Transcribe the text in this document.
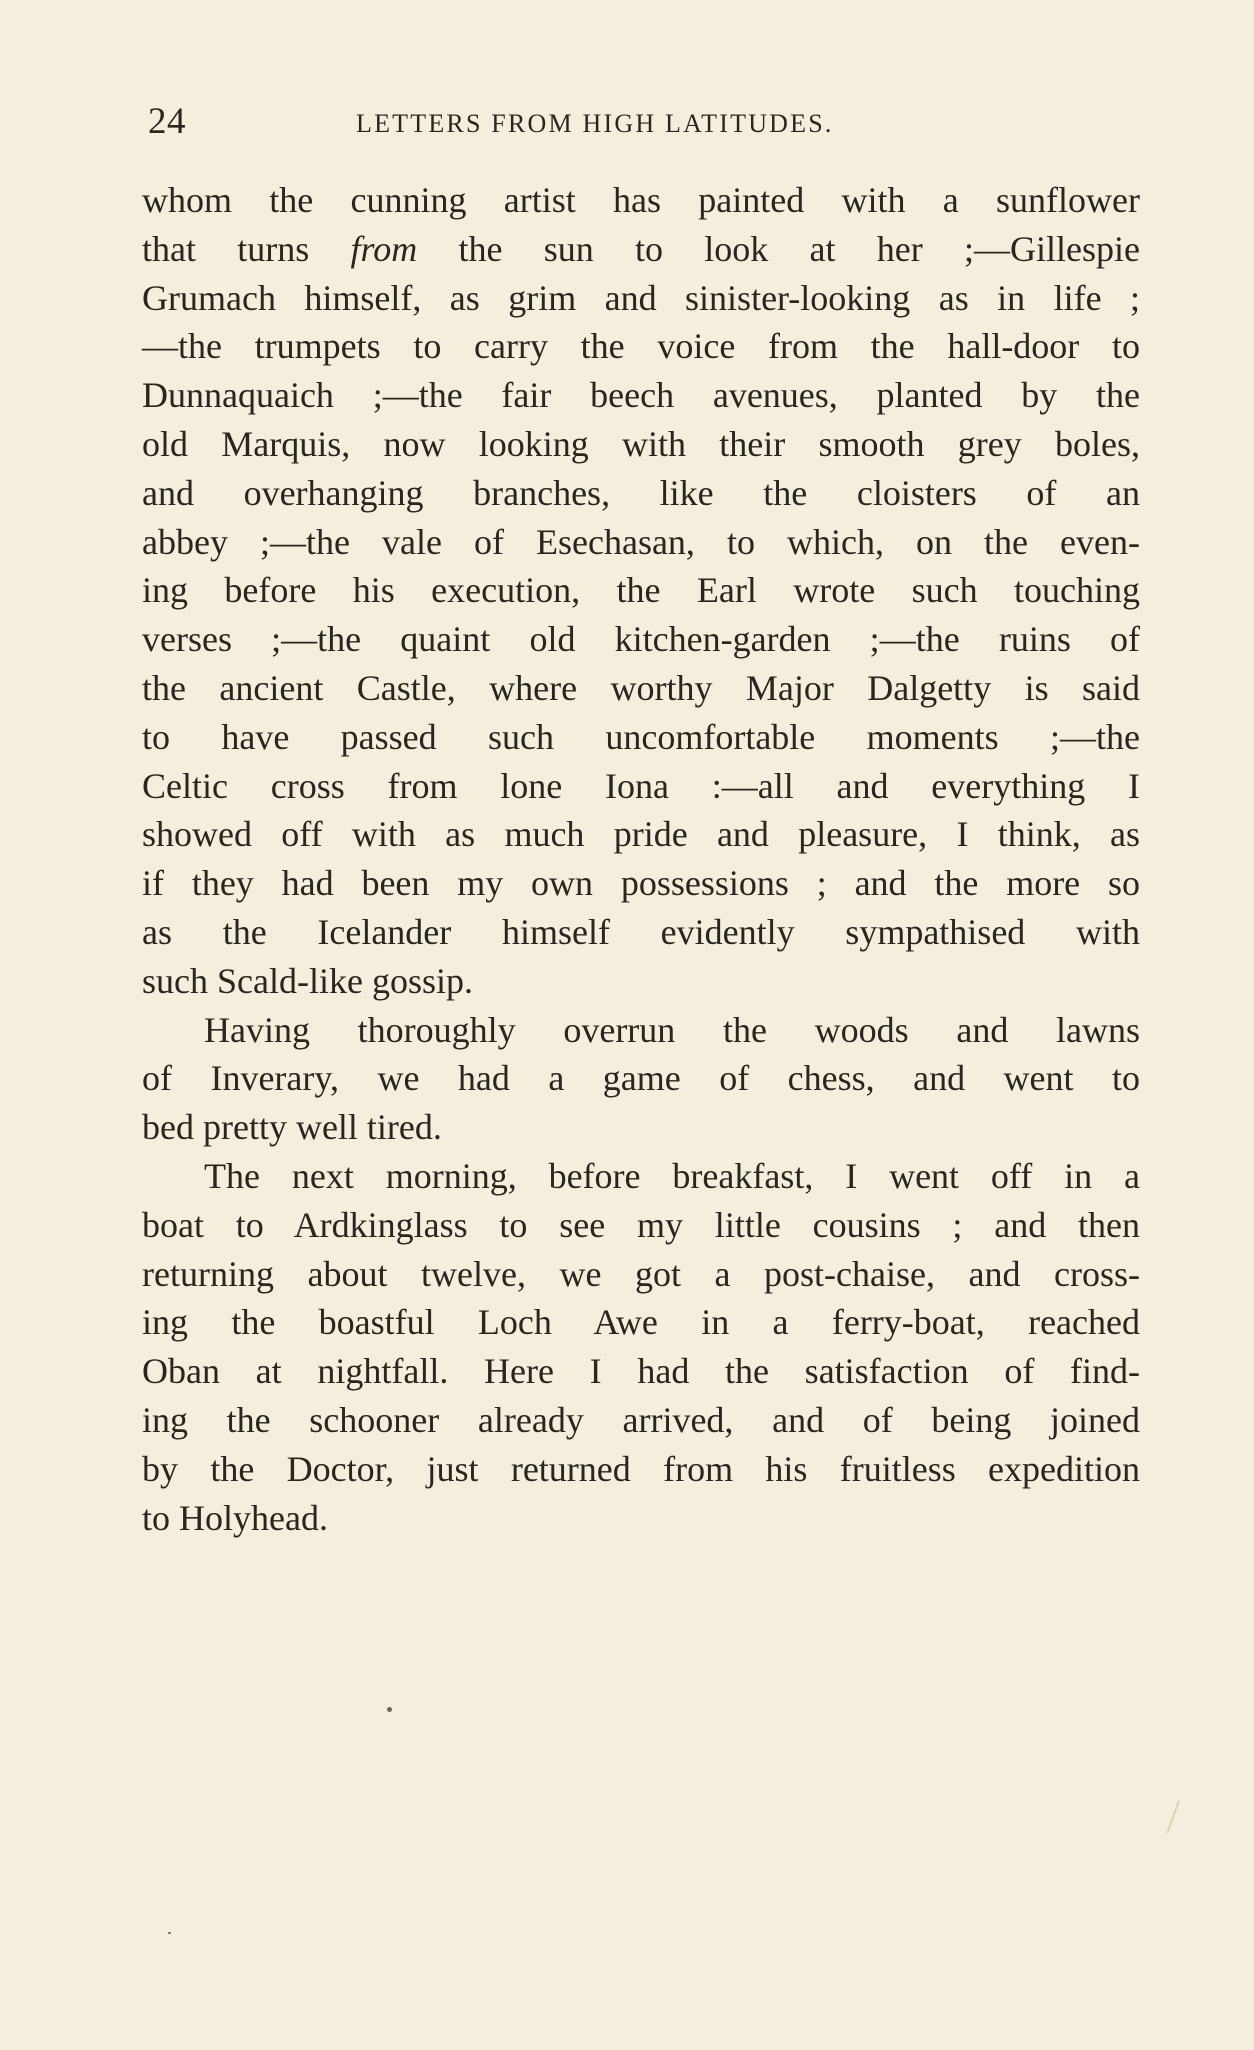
24	LETTERS FROM HIGH LATITUDES.
whom the cunning artist has painted with a sunflower
that turns from the sun to look at her ;—Gillespie
Grumach himself, as grim and sinister-looking as in life ;
—the trumpets to carry the voice from the hall-door to
Dunnaquaich ;—the fair beech avenues, planted by the
old Marquis, now looking with their smooth grey boles,
and overhanging branches, like the cloisters of an
abbey ;—the vale of Esechasan, to which, on the even-
ing before his execution, the Earl wrote such touching
verses ;—the quaint old kitchen-garden ;—the ruins of
the ancient Castle, where worthy Major Dalgetty is said
to have passed such uncomfortable moments ;—the
Celtic cross from lone Iona :—all and everything I
showed off with as much pride and pleasure, I think, as
if they had been my own possessions ; and the more so
as the Icelander himself evidently sympathised with
such Scald-like gossip.
Having thoroughly overrun the woods and lawns
of Inverary, we had a game of chess, and went to
bed pretty well tired.
The next morning, before breakfast, I went off in a
boat to Ardkinglass to see my little cousins ; and then
returning about twelve, we got a post-chaise, and cross-
ing the boastful Loch Awe in a ferry-boat, reached
Oban at nightfall. Here I had the satisfaction of find-
ing the schooner already arrived, and of being joined
by the Doctor, just returned from his fruitless expedition
to Holyhead.
